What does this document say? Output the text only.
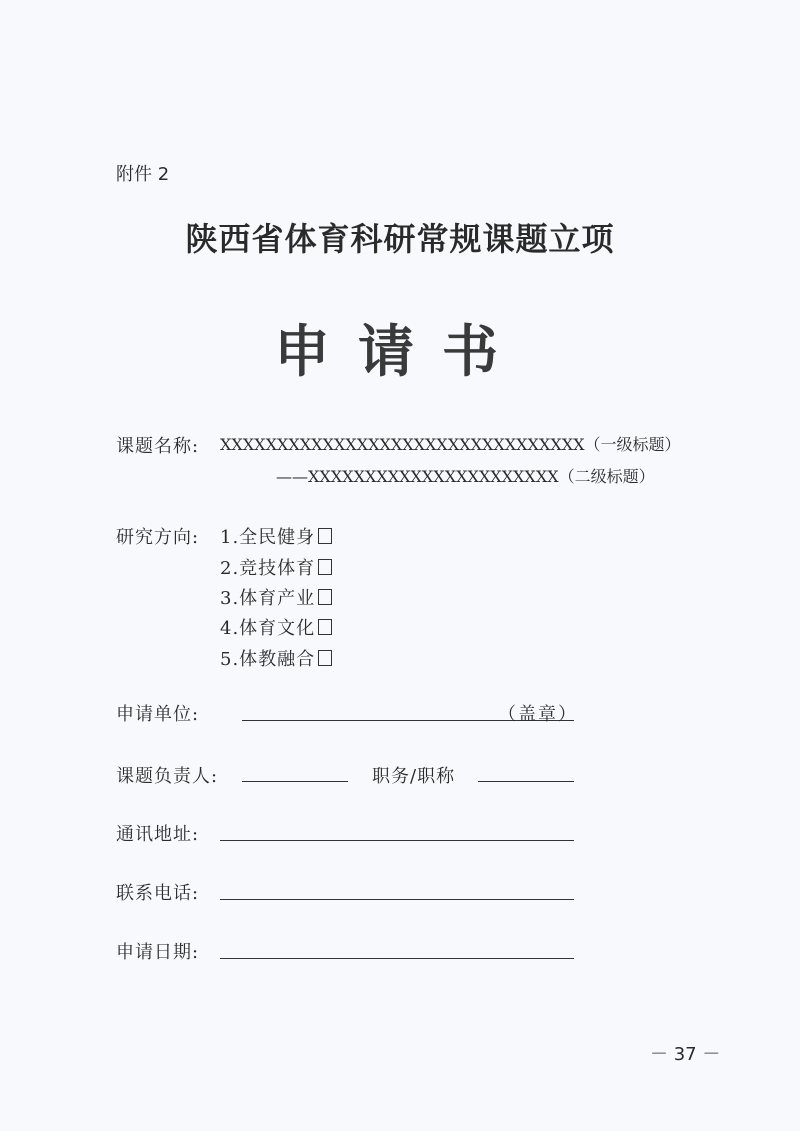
附件 2
陕西省体育科研常规课题立项
申请书
课题名称: XXXXXXXXXXXXXXXXXXXXXXXXXXXXXXXX（一级标题）
——XXXXXXXXXXXXXXXXXXXXXX（二级标题）
研究方向: 1.全民健身
2.竞技体育
3.体育产业
4.体育文化
5.体教融合
申请单位:	（盖章）
课题负责人:	职务/职称
通讯地址:
联系电话:
申请日期:
－ 37 －
